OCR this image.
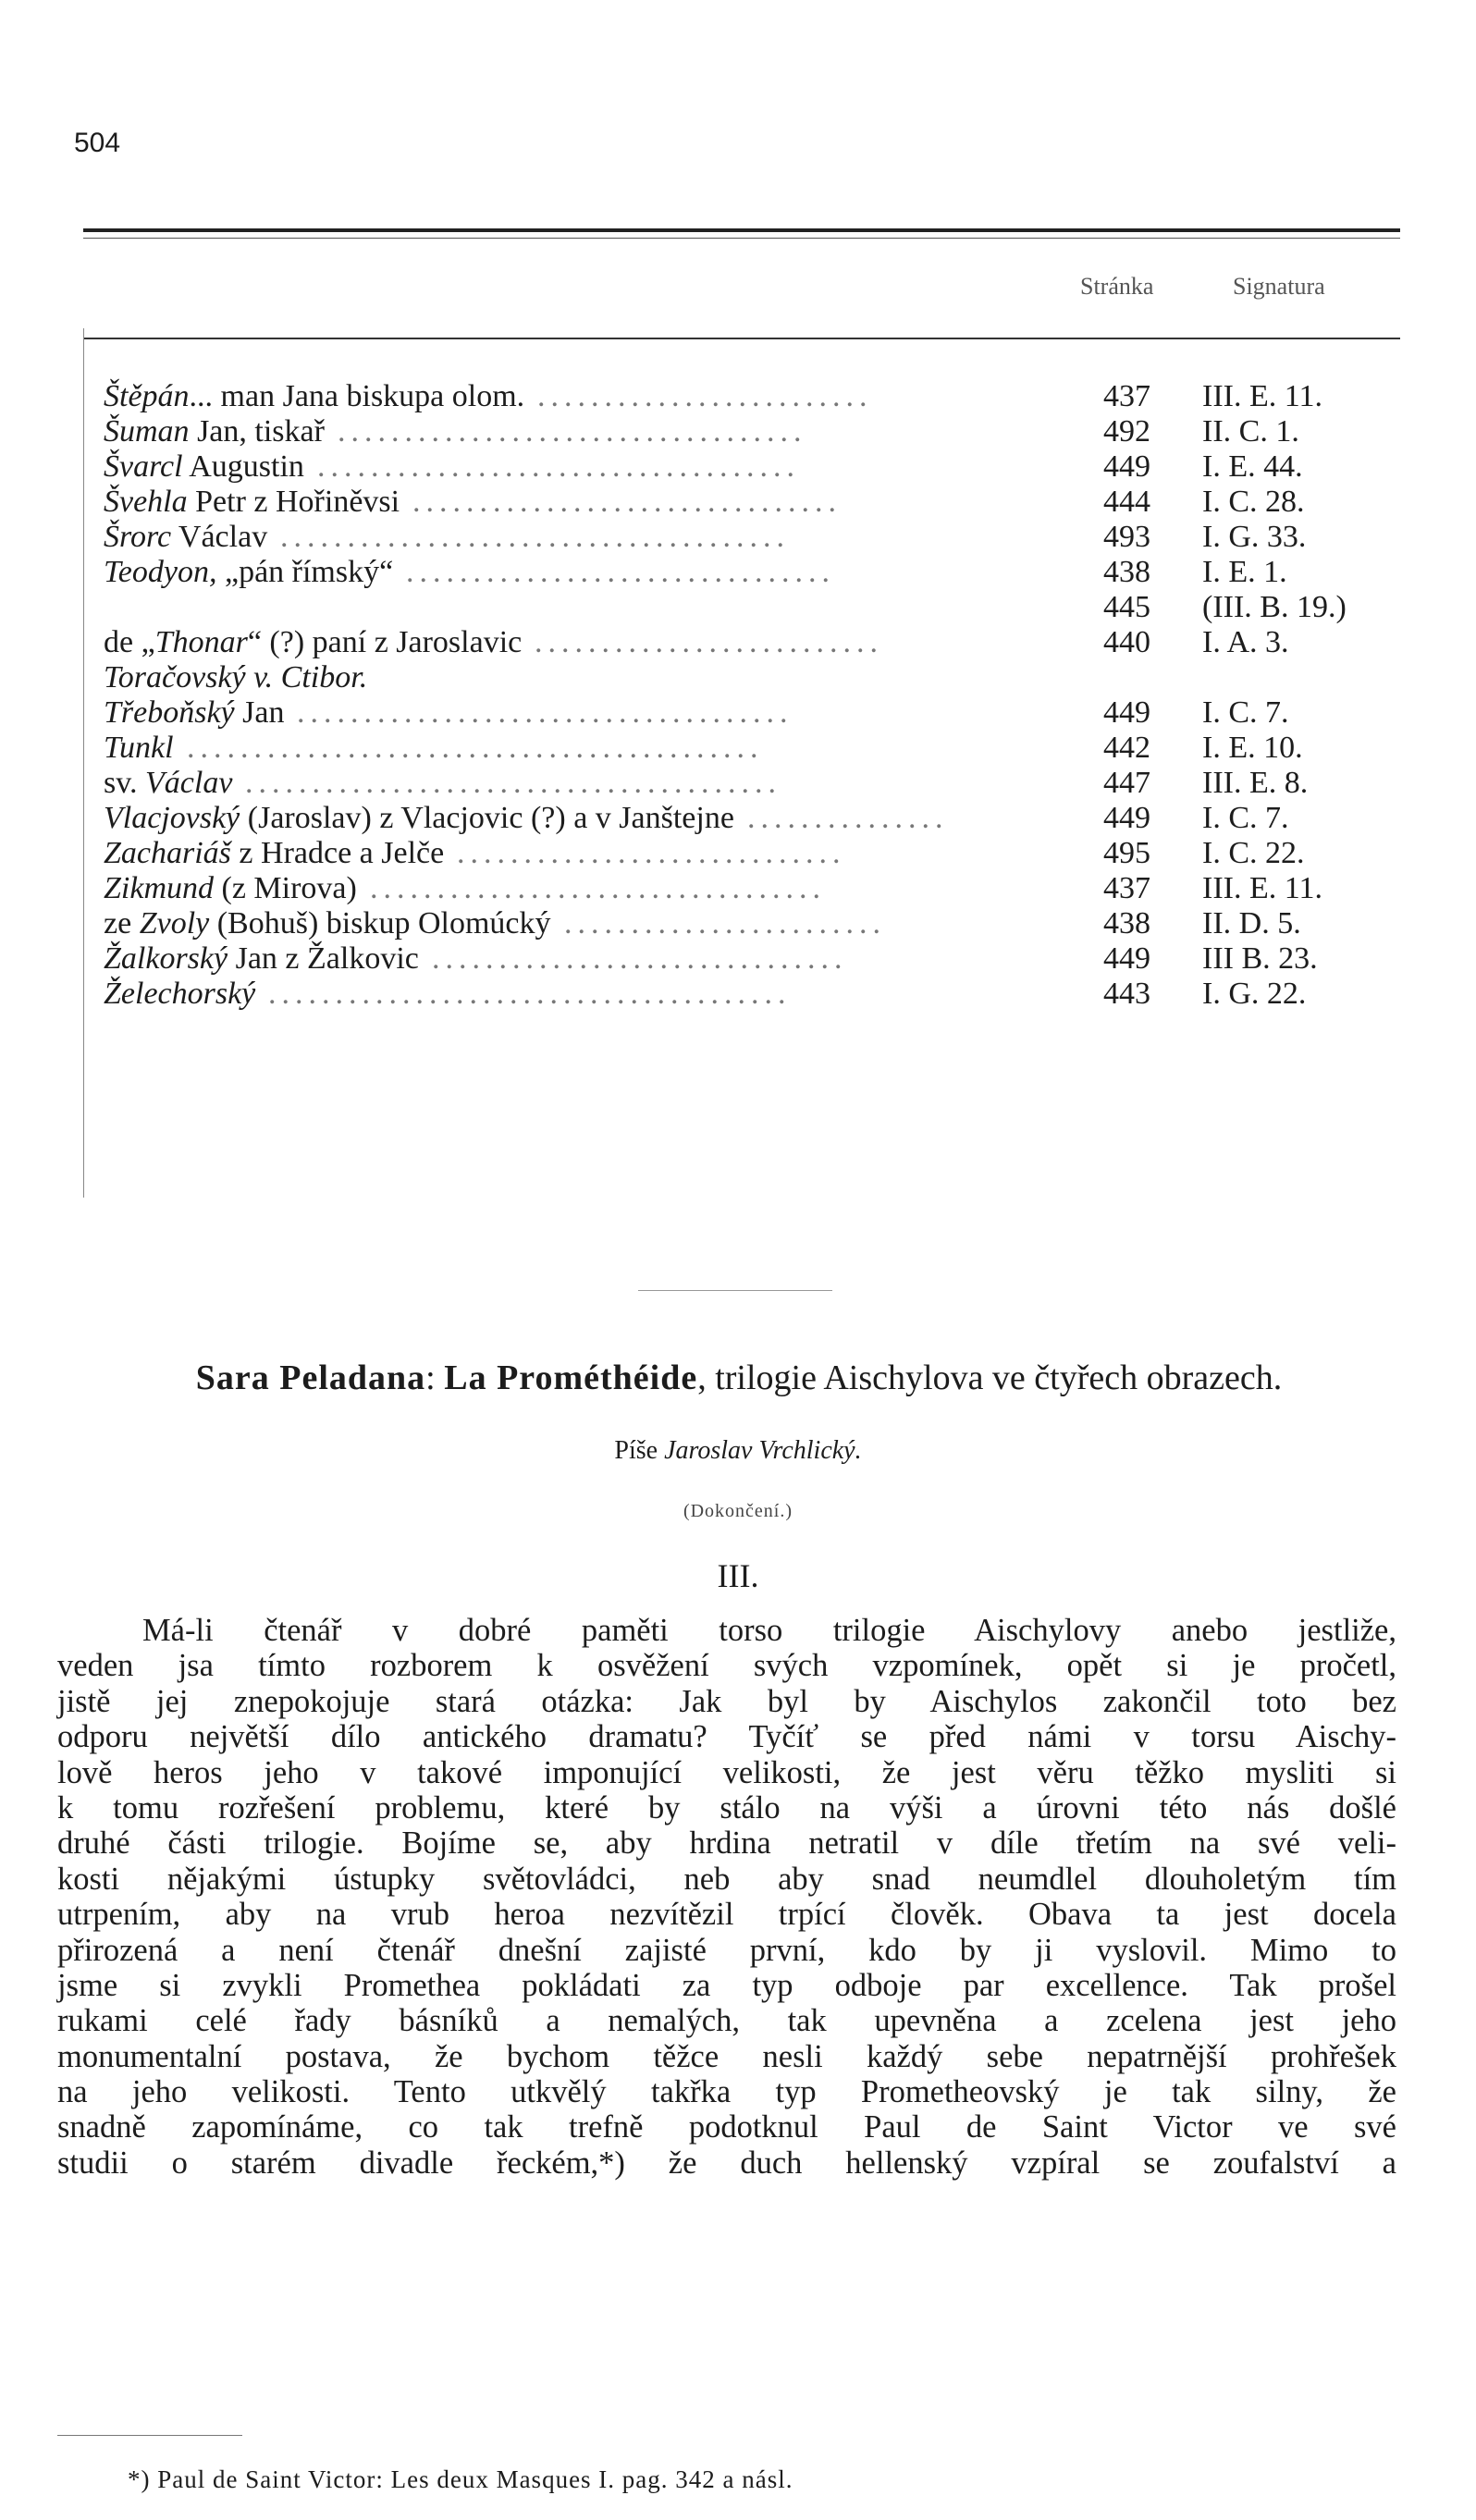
504
Stránka	Signatura
Štěpán... man Jana biskupa olom.	437 III. E. 11.
.........................
Šuman Jan, tiskař	492 II. C. 1.
...................................
Švarcl Augustin	449 I. E. 44.
....................................
Švehla Petr z Hořiněvsi	444 I. C. 28.
................................
Šrorc Václav	493 I. G. 33.
......................................
Teodyon, „pán římský“	438 I. E. 1.
................................
445 (III. B. 19.)
de „Thonar“ (?) paní z Jaroslavic	440 I. A. 3.
..........................
Toračovský v. Ctibor.
Třeboňský Jan	449 I. C. 7.
.....................................
Tunkl	442 I. E. 10.
...........................................
sv. Václav	447 III. E. 8.
........................................
Vlacjovský (Jaroslav) z Vlacjovic (?) a v Janštejne	449 I. C. 7.
...............
Zachariáš z Hradce a Jelče	495 I. C. 22.
.............................
Zikmund (z Mirova)	437 III. E. 11.
..................................
ze Zvoly (Bohuš) biskup Olomúcký	438 II. D. 5.
........................
Žalkorský Jan z Žalkovic	449 III B. 23.
...............................
Želechorský	443 I. G. 22.
.......................................
Sara Peladana: La Prométhéide, trilogie Aischylova ve čtyřech obrazech.
Píše Jaroslav Vrchlický.
(Dokončení.)
III.
Má-li čtenář v dobré paměti torso trilogie Aischylovy anebo jestliže,
veden jsa tímto rozborem k osvěžení svých vzpomínek, opět si je pročetl,
jistě jej znepokojuje stará otázka: Jak byl by Aischylos zakončil toto bez
odporu největší dílo antického dramatu? Tyčíť se před námi v torsu Aischy-
lově heros jeho v takové imponující velikosti, že jest věru těžko mysliti si
k tomu rozřešení problemu, které by stálo na výši a úrovni této nás došlé
druhé části trilogie. Bojíme se, aby hrdina netratil v díle třetím na své veli-
kosti nějakými ústupky světovládci, neb aby snad neumdlel dlouholetým tím
utrpením, aby na vrub heroa nezvítězil trpící člověk. Obava ta jest docela
přirozená a není čtenář dnešní zajisté první, kdo by ji vyslovil. Mimo to
jsme si zvykli Promethea pokládati za typ odboje par excellence. Tak prošel
rukami celé řady básníků a nemalých, tak upevněna a zcelena jest jeho
monumentalní postava, že bychom těžce nesli každý sebe nepatrnější prohřešek
na jeho velikosti. Tento utkvělý takřka typ Prometheovský je tak silny, že
snadně zapomínáme, co tak trefně podotknul Paul de Saint Victor ve své
studii o starém divadle řeckém,*) že duch hellenský vzpíral se zoufalství a
*) Paul de Saint Victor: Les deux Masques I. pag. 342 a násl.
